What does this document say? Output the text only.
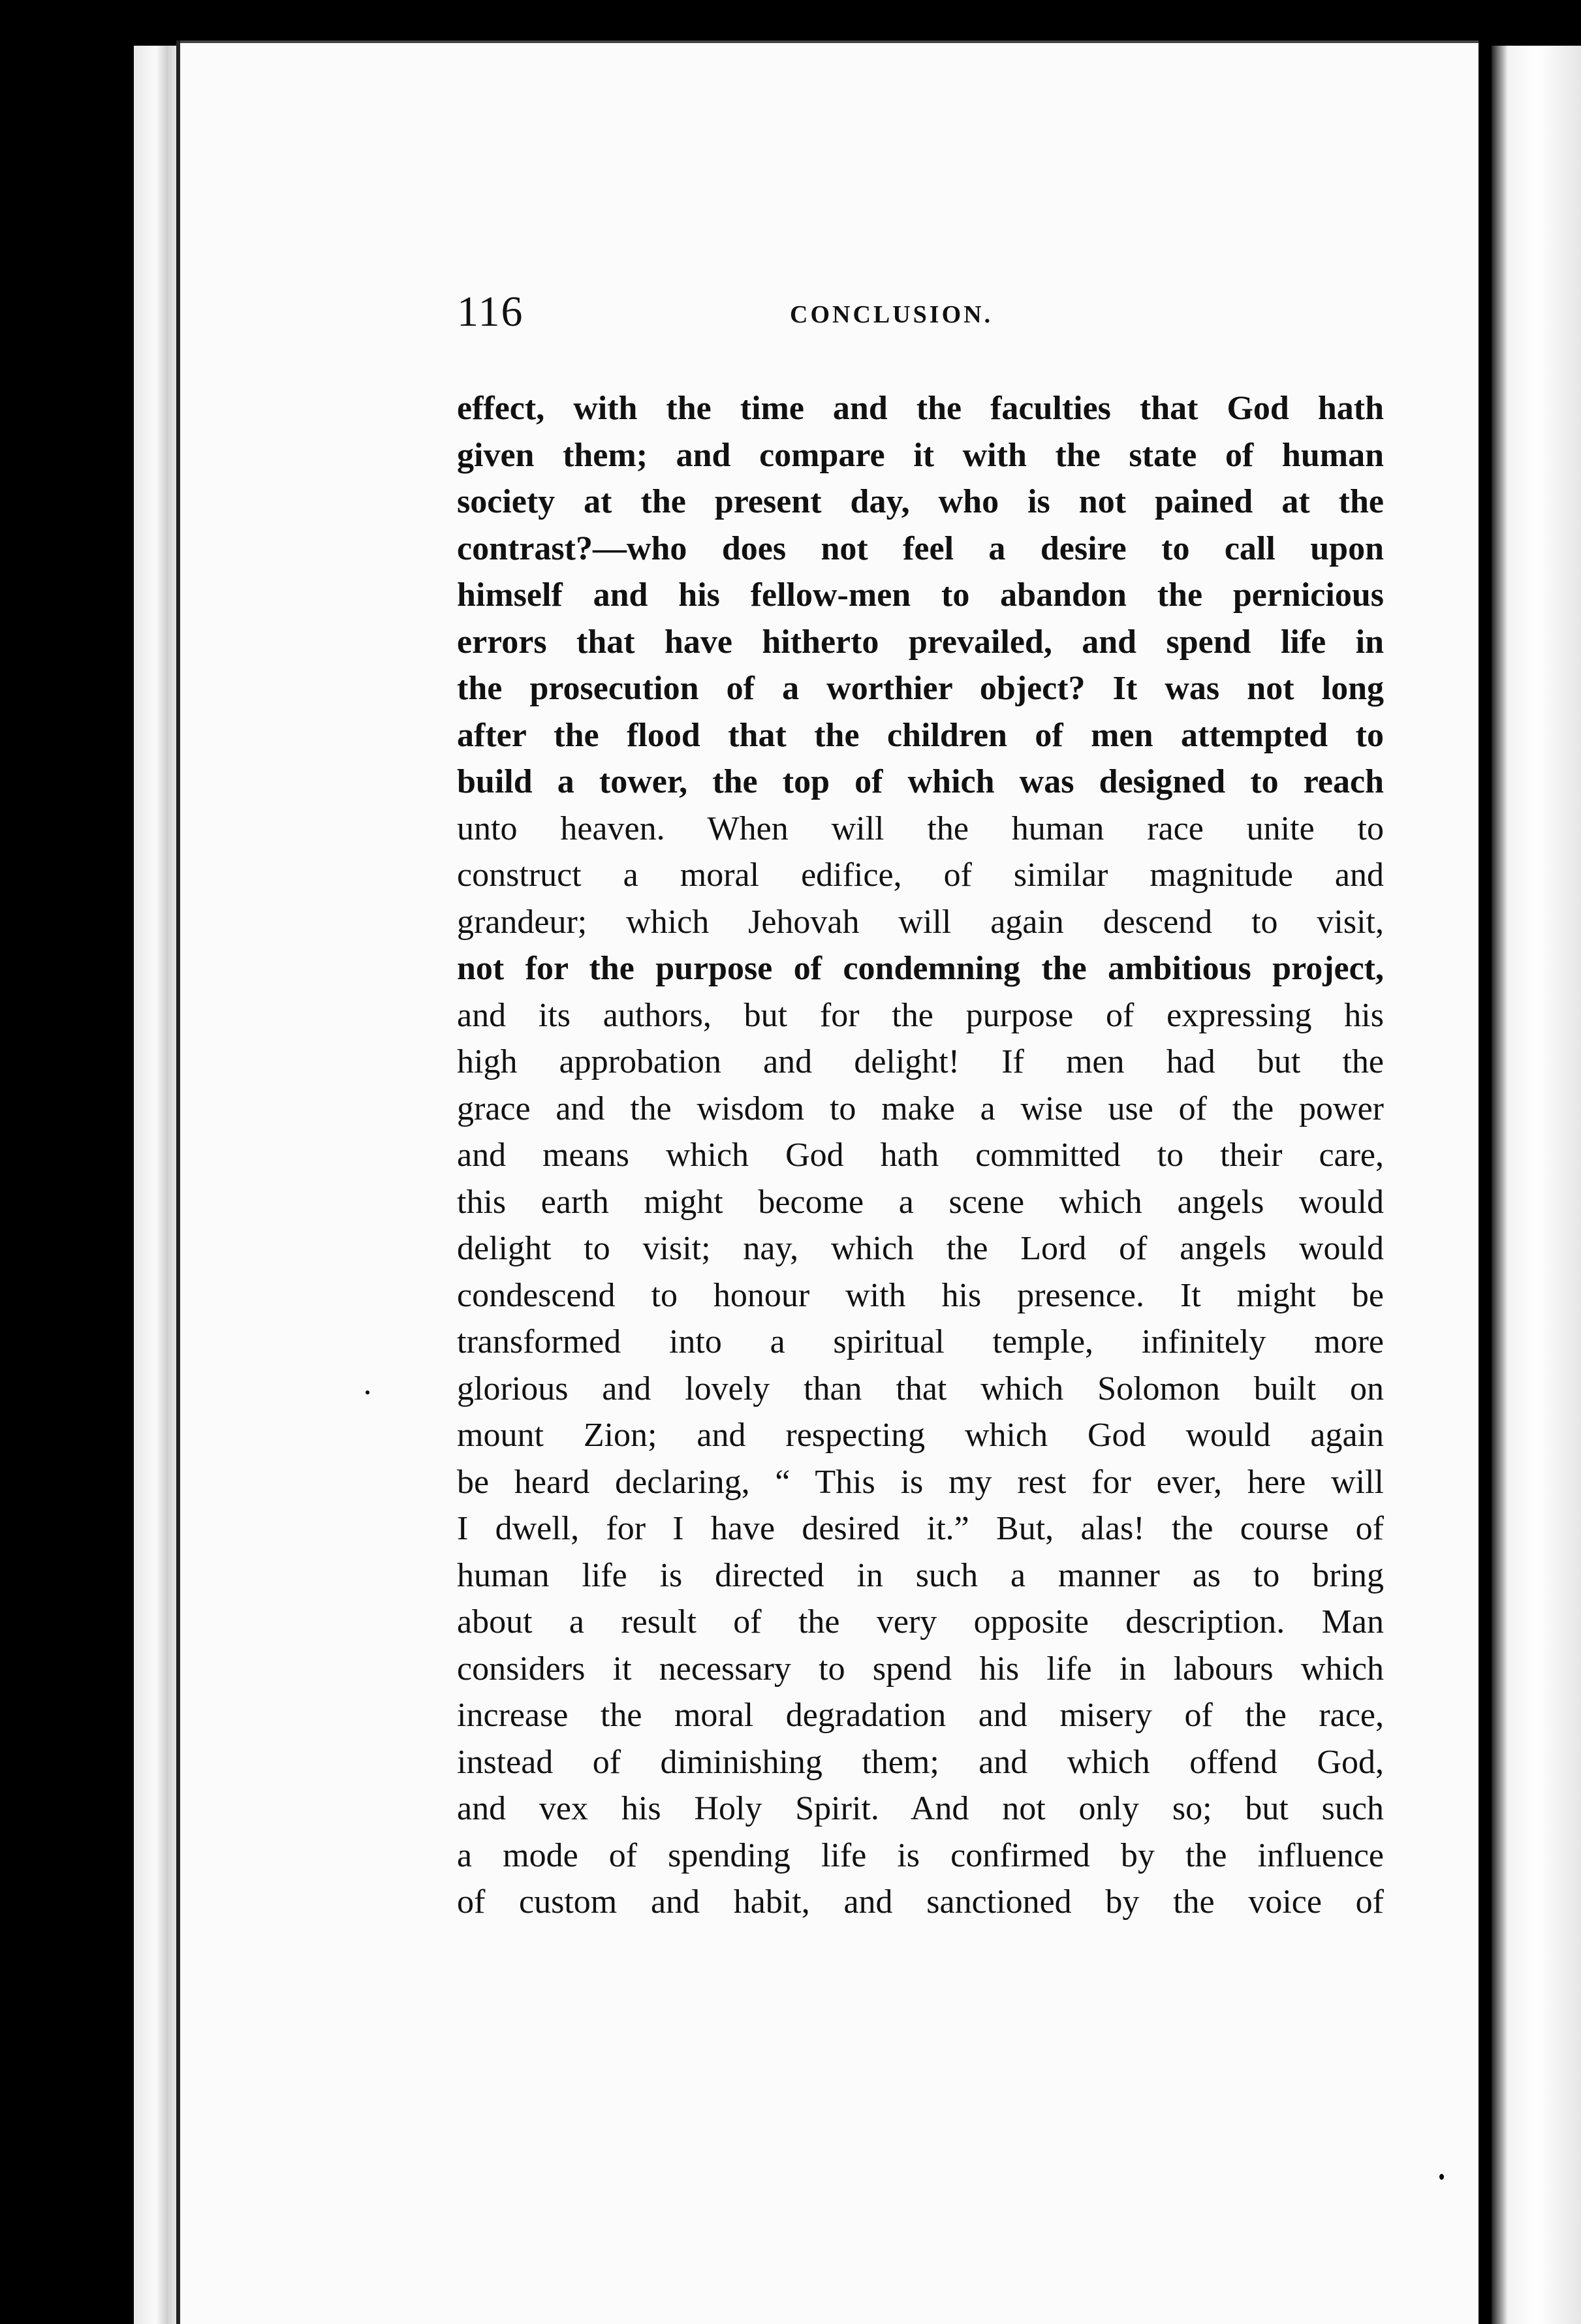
116	CONCLUSION.
effect, with the time and the faculties that God hath
given them; and compare it with the state of human
society at the present day, who is not pained at the
contrast?—who does not feel a desire to call upon
himself and his fellow-men to abandon the pernicious
errors that have hitherto prevailed, and spend life in
the prosecution of a worthier object? It was not long
after the flood that the children of men attempted to
build a tower, the top of which was designed to reach
unto heaven. When will the human race unite to
construct a moral edifice, of similar magnitude and
grandeur; which Jehovah will again descend to visit,
not for the purpose of condemning the ambitious project,
and its authors, but for the purpose of expressing his
high approbation and delight! If men had but the
grace and the wisdom to make a wise use of the power
and means which God hath committed to their care,
this earth might become a scene which angels would
delight to visit; nay, which the Lord of angels would
condescend to honour with his presence. It might be
transformed into a spiritual temple, infinitely more
glorious and lovely than that which Solomon built on
mount Zion; and respecting which God would again
be heard declaring, “ This is my rest for ever, here will
I dwell, for I have desired it.” But, alas! the course of
human life is directed in such a manner as to bring
about a result of the very opposite description. Man
considers it necessary to spend his life in labours which
increase the moral degradation and misery of the race,
instead of diminishing them; and which offend God,
and vex his Holy Spirit. And not only so; but such
a mode of spending life is confirmed by the influence
of custom and habit, and sanctioned by the voice of
